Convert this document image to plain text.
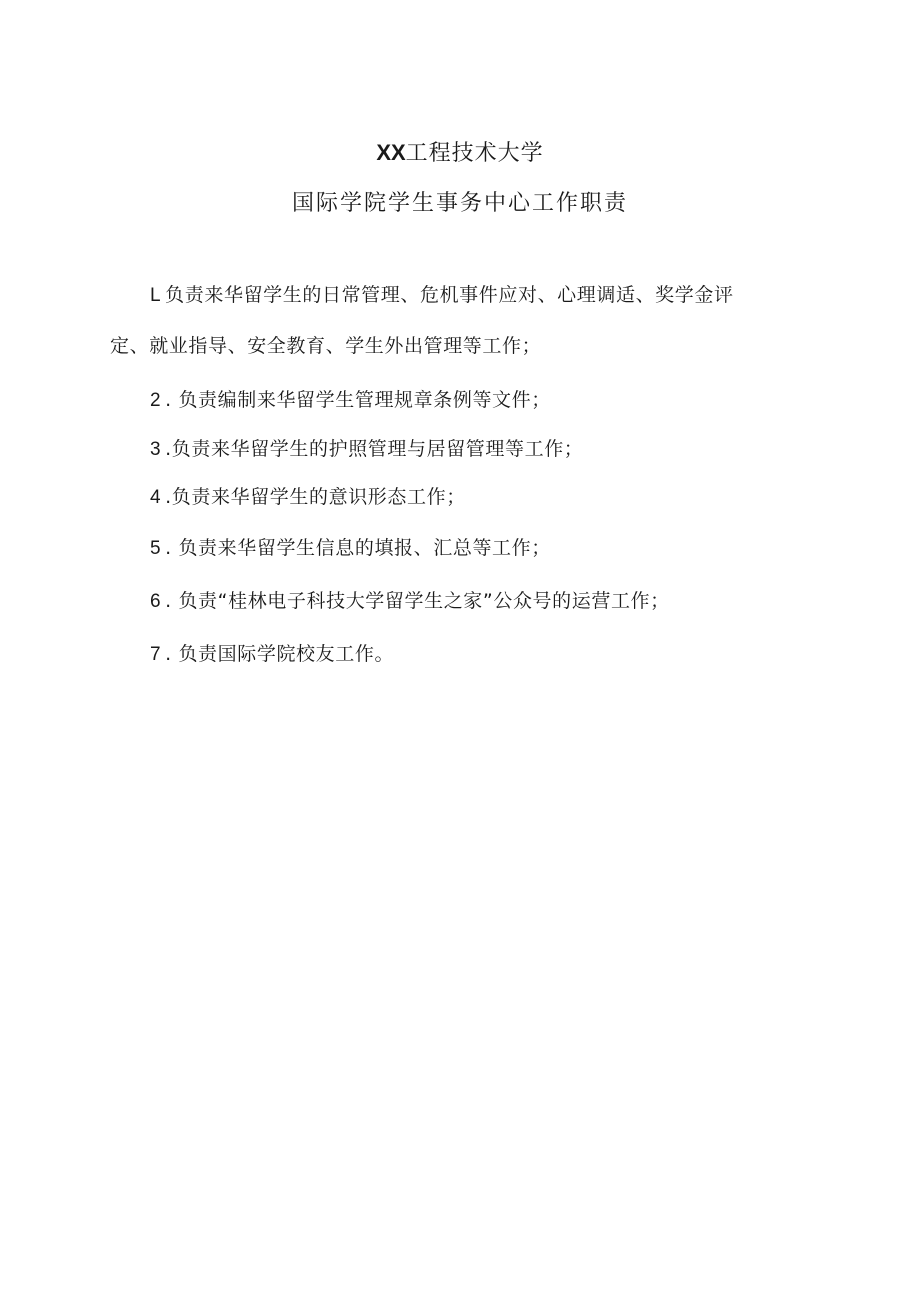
XX工程技术大学
国际学院学生事务中心工作职责
L 负责来华留学生的日常管理、危机事件应对、心理调适、奖学金评
定、就业指导、安全教育、学生外出管理等工作；
2 . 负责编制来华留学生管理规章条例等文件；
3 .负责来华留学生的护照管理与居留管理等工作；
4 .负责来华留学生的意识形态工作；
5 . 负责来华留学生信息的填报、汇总等工作；
6 . 负责“桂林电子科技大学留学生之家”公众号的运营工作；
7 . 负责国际学院校友工作。
